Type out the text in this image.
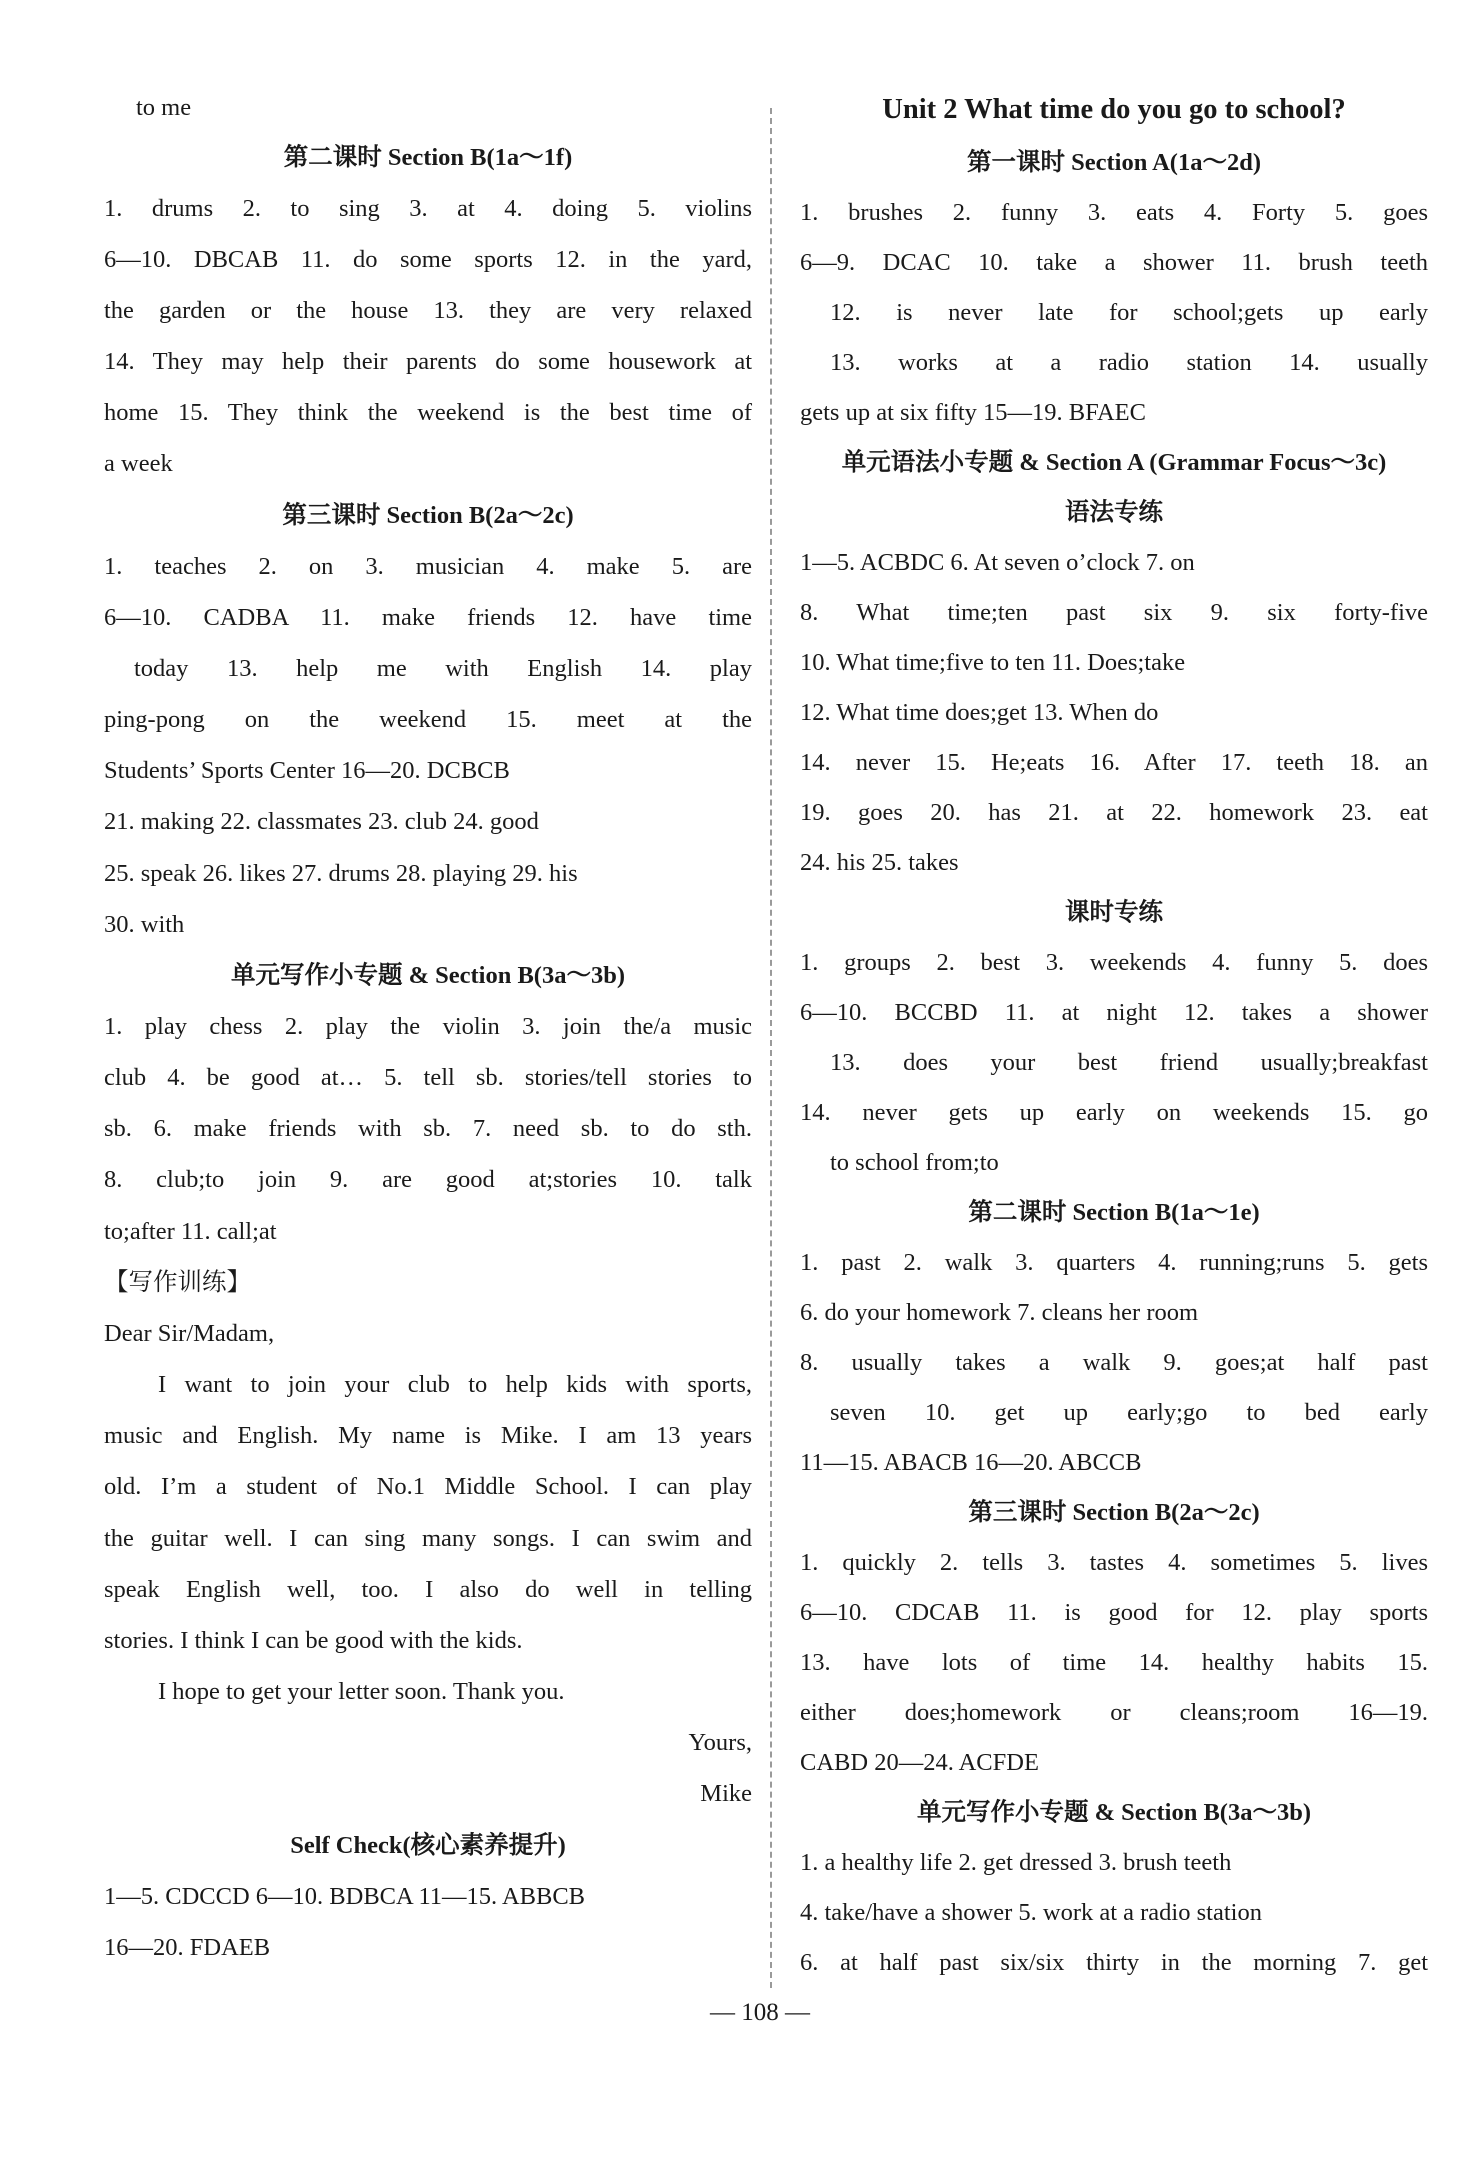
to me
第二课时 Section B(1a～1f)
1. drums 2. to sing 3. at 4. doing 5. violins
6—10. DBCAB 11. do some sports 12. in the yard,
the garden or the house 13. they are very relaxed
14. They may help their parents do some housework at
home 15. They think the weekend is the best time of
a week
第三课时 Section B(2a～2c)
1. teaches 2. on 3. musician 4. make 5. are
6—10. CADBA 11. make friends 12. have time
today 13. help me with English 14. play
ping-pong on the weekend 15. meet at the
Students’ Sports Center 16—20. DCBCB
21. making 22. classmates 23. club 24. good
25. speak 26. likes 27. drums 28. playing 29. his
30. with
单元写作小专题 & Section B(3a～3b)
1. play chess 2. play the violin 3. join the/a music
club 4. be good at… 5. tell sb. stories/tell stories to
sb. 6. make friends with sb. 7. need sb. to do sth.
8. club;to join 9. are good at;stories 10. talk
to;after 11. call;at
【写作训练】
Dear Sir/Madam,
I want to join your club to help kids with sports,
music and English. My name is Mike. I am 13 years
old. I’m a student of No.1 Middle School. I can play
the guitar well. I can sing many songs. I can swim and
speak English well, too. I also do well in telling
stories. I think I can be good with the kids.
I hope to get your letter soon. Thank you.
Yours,
Mike
Self Check(核心素养提升)
1—5. CDCCD 6—10. BDBCA 11—15. ABBCB
16—20. FDAEB
Unit 2 What time do you go to school?
第一课时 Section A(1a～2d)
1. brushes 2. funny 3. eats 4. Forty 5. goes
6—9. DCAC 10. take a shower 11. brush teeth
12. is never late for school;gets up early
13. works at a radio station 14. usually
gets up at six fifty 15—19. BFAEC
单元语法小专题 & Section A (Grammar Focus～3c)
语法专练
1—5. ACBDC 6. At seven o’clock 7. on
8. What time;ten past six 9. six forty-five
10. What time;five to ten 11. Does;take
12. What time does;get 13. When do
14. never 15. He;eats 16. After 17. teeth 18. an
19. goes 20. has 21. at 22. homework 23. eat
24. his 25. takes
课时专练
1. groups 2. best 3. weekends 4. funny 5. does
6—10. BCCBD 11. at night 12. takes a shower
13. does your best friend usually;breakfast
14. never gets up early on weekends 15. go
to school from;to
第二课时 Section B(1a～1e)
1. past 2. walk 3. quarters 4. running;runs 5. gets
6. do your homework 7. cleans her room
8. usually takes a walk 9. goes;at half past
seven 10. get up early;go to bed early
11—15. ABACB 16—20. ABCCB
第三课时 Section B(2a～2c)
1. quickly 2. tells 3. tastes 4. sometimes 5. lives
6—10. CDCAB 11. is good for 12. play sports
13. have lots of time 14. healthy habits 15.
either does;homework or cleans;room 16—19.
CABD 20—24. ACFDE
单元写作小专题 & Section B(3a～3b)
1. a healthy life 2. get dressed 3. brush teeth
4. take/have a shower 5. work at a radio station
6. at half past six/six thirty in the morning 7. get
— 108 —
